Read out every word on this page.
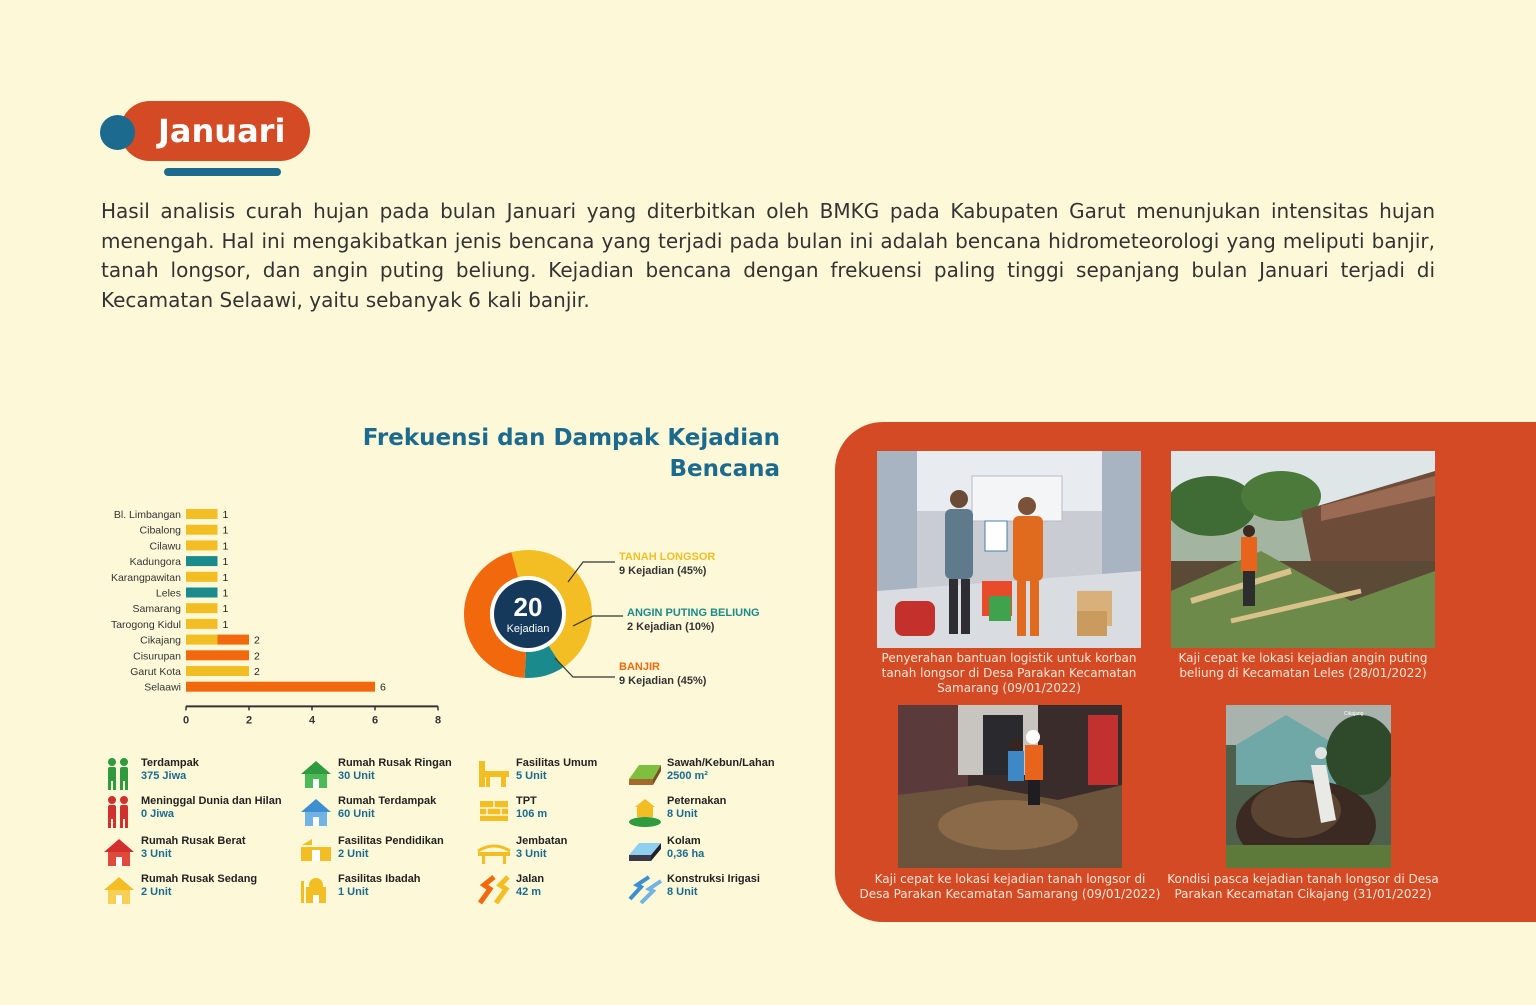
Januari

Hasil analisis curah hujan pada bulan Januari yang diterbitkan oleh BMKG pada Kabupaten Garut menunjukan intensitas hujan menengah. Hal ini mengakibatkan jenis bencana yang terjadi pada bulan ini adalah bencana hidrometeorologi yang meliputi banjir, tanah longsor, dan angin puting beliung. Kejadian bencana dengan frekuensi paling tinggi sepanjang bulan Januari terjadi di Kecamatan Selaawi, yaitu sebanyak 6 kali banjir.

Frekuensi dan Dampak Kejadian
Bencana
Bl. Limbangan	1
Cibalong	1
Cilawu	1
Kadungora	1
Karangpawitan	1
Leles	1
Samarang	1
Tarogong Kidul	1
Cikajang	2
Cisurupan	2
Garut Kota	2
Selaawi	6
0	2	4	6	8
20
Kejadian
TANAH LONGSOR
9 Kejadian (45%)
ANGIN PUTING BELIUNG
2 Kejadian (10%)
BANJIR
9 Kejadian (45%)
Terdampak
375 Jiwa
Meninggal Dunia dan Hilan
0 Jiwa
Rumah Rusak Berat
3 Unit
Rumah Rusak Sedang
2 Unit
Rumah Rusak Ringan
30 Unit
Rumah Terdampak
60 Unit
Fasilitas Pendidikan
2 Unit
Fasilitas Ibadah
1 Unit
Fasilitas Umum
5 Unit
TPT
106 m
Jembatan
3 Unit
Jalan
42 m
Sawah/Kebun/Lahan
2500 m²
Peternakan
8 Unit
Kolam
0,36 ha
Konstruksi Irigasi
8 Unit
Cikajang
Penyerahan bantuan logistik untuk korban tanah longsor di Desa Parakan Kecamatan Samarang (09/01/2022)
Kaji cepat ke lokasi kejadian angin puting beliung di Kecamatan Leles (28/01/2022)
Kaji cepat ke lokasi kejadian tanah longsor di Desa Parakan Kecamatan Samarang (09/01/2022)
Kondisi pasca kejadian tanah longsor di Desa Parakan Kecamatan Cikajang (31/01/2022)
